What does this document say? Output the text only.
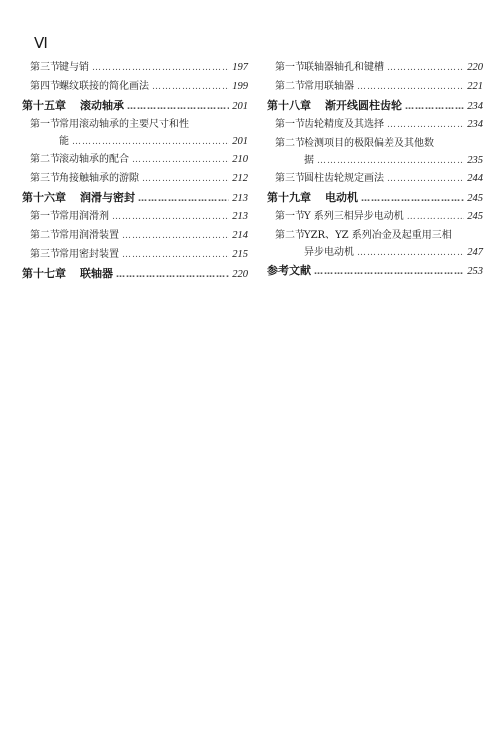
Ⅵ
第三节 键与销 ……………………………………………………………………………………………………………………	197
第四节 螺纹联接的简化画法 ……………………………………………………………………………………………………………………	199
第十五章 滚动轴承 ……………………………………………………………………………………………………………………	201
第一节 常用滚动轴承的主要尺寸和性
能 ……………………………………………………………………………………………………………………	201
第二节 滚动轴承的配合 ……………………………………………………………………………………………………………………	210
第三节 角接触轴承的游隙 ……………………………………………………………………………………………………………………	212
第十六章 润滑与密封 ……………………………………………………………………………………………………………………	213
第一节 常用润滑剂 ……………………………………………………………………………………………………………………	213
第二节 常用润滑装置 ……………………………………………………………………………………………………………………	214
第三节 常用密封装置 ……………………………………………………………………………………………………………………	215
第十七章 联轴器 ……………………………………………………………………………………………………………………	220
第一节 联轴器轴孔和键槽 ……………………………………………………………………………………………………………………	220
第二节 常用联轴器 ……………………………………………………………………………………………………………………	221
第十八章 渐开线圆柱齿轮 ……………………………………………………………………………………………………………………	234
第一节 齿轮精度及其选择 ……………………………………………………………………………………………………………………	234
第二节 检测项目的极限偏差及其他数
据 ……………………………………………………………………………………………………………………	235
第三节 圆柱齿轮规定画法 ……………………………………………………………………………………………………………………	244
第十九章 电动机 ……………………………………………………………………………………………………………………	245
第一节 Y 系列三相异步电动机 ……………………………………………………………………………………………………………………	245
第二节 YZR、YZ 系列冶金及起重用三相
异步电动机 ……………………………………………………………………………………………………………………	247
参考文献 ……………………………………………………………………………………………………………………	253
